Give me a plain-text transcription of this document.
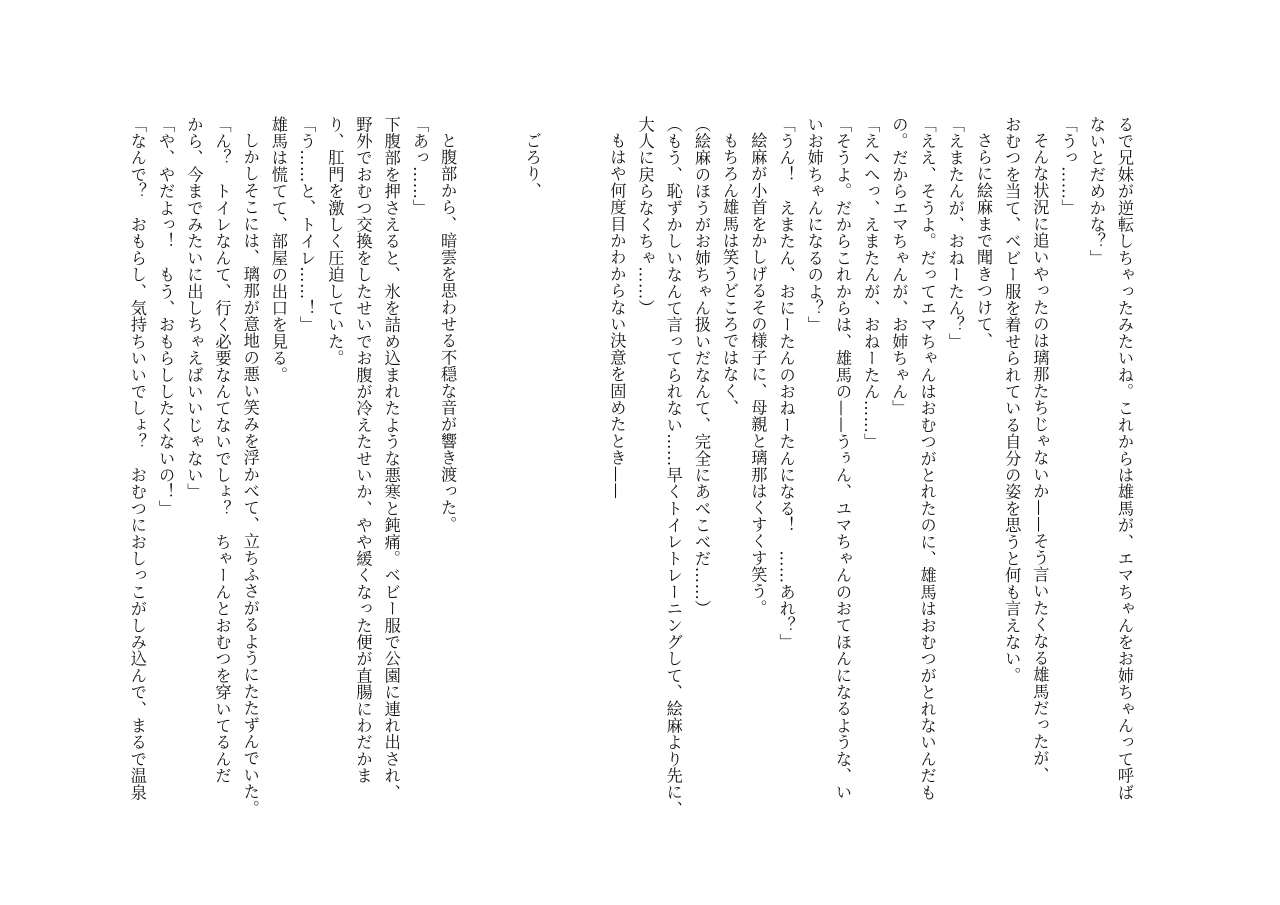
るで兄妹が逆転しちゃったみたいね。これからは雄馬が、エマちゃんをお姉ちゃんって呼ば
ないとだめかな？」
「うっ……」
そんな状況に追いやったのは璃那たちじゃないか——そう言いたくなる雄馬だったが、
おむつを当て、ベビー服を着せられている自分の姿を思うと何も言えない。
さらに絵麻まで聞きつけて、
「えまたんが、おねーたん？」
「ええ、そうよ。だってエマちゃんはおむつがとれたのに、雄馬はおむつがとれないんだも
の。だからエマちゃんが、お姉ちゃん」
「えへへっ、えまたんが、おねーたん……」
「そうよ。だからこれからは、雄馬の——うぅん、ユマちゃんのおてほんになるような、い
いお姉ちゃんになるのよ？」
「うん！　えまたん、おにーたんのおねーたんになる！　……あれ？」
絵麻が小首をかしげるその様子に、母親と璃那はくすくす笑う。
もちろん雄馬は笑うどころではなく、
（絵麻のほうがお姉ちゃん扱いだなんて、完全にあべこべだ……）
（もう、恥ずかしいなんて言ってられない……早くトイレトレーニングして、絵麻より先に、
大人に戻らなくちゃ……）
もはや何度目かわからない決意を固めたとき——

ごろり、

と腹部から、暗雲を思わせる不穏な音が響き渡った。
「あっ……」
下腹部を押さえると、氷を詰め込まれたような悪寒と鈍痛。ベビー服で公園に連れ出され、
野外でおむつ交換をしたせいでお腹が冷えたせいか、やや緩くなった便が直腸にわだかま
り、肛門を激しく圧迫していた。
「う……と、トイレ……！」
雄馬は慌てて、部屋の出口を見る。
しかしそこには、璃那が意地の悪い笑みを浮かべて、立ちふさがるようにたたずんでいた。
「ん？　トイレなんて、行く必要なんてないでしょ？　ちゃーんとおむつを穿いてるんだ
から、今までみたいに出しちゃえばいいじゃない」
「や、やだよっ！　もう、おもらししたくないの！」
「なんで？　おもらし、気持ちいいでしょ？　おむつにおしっこがしみ込んで、まるで温泉
